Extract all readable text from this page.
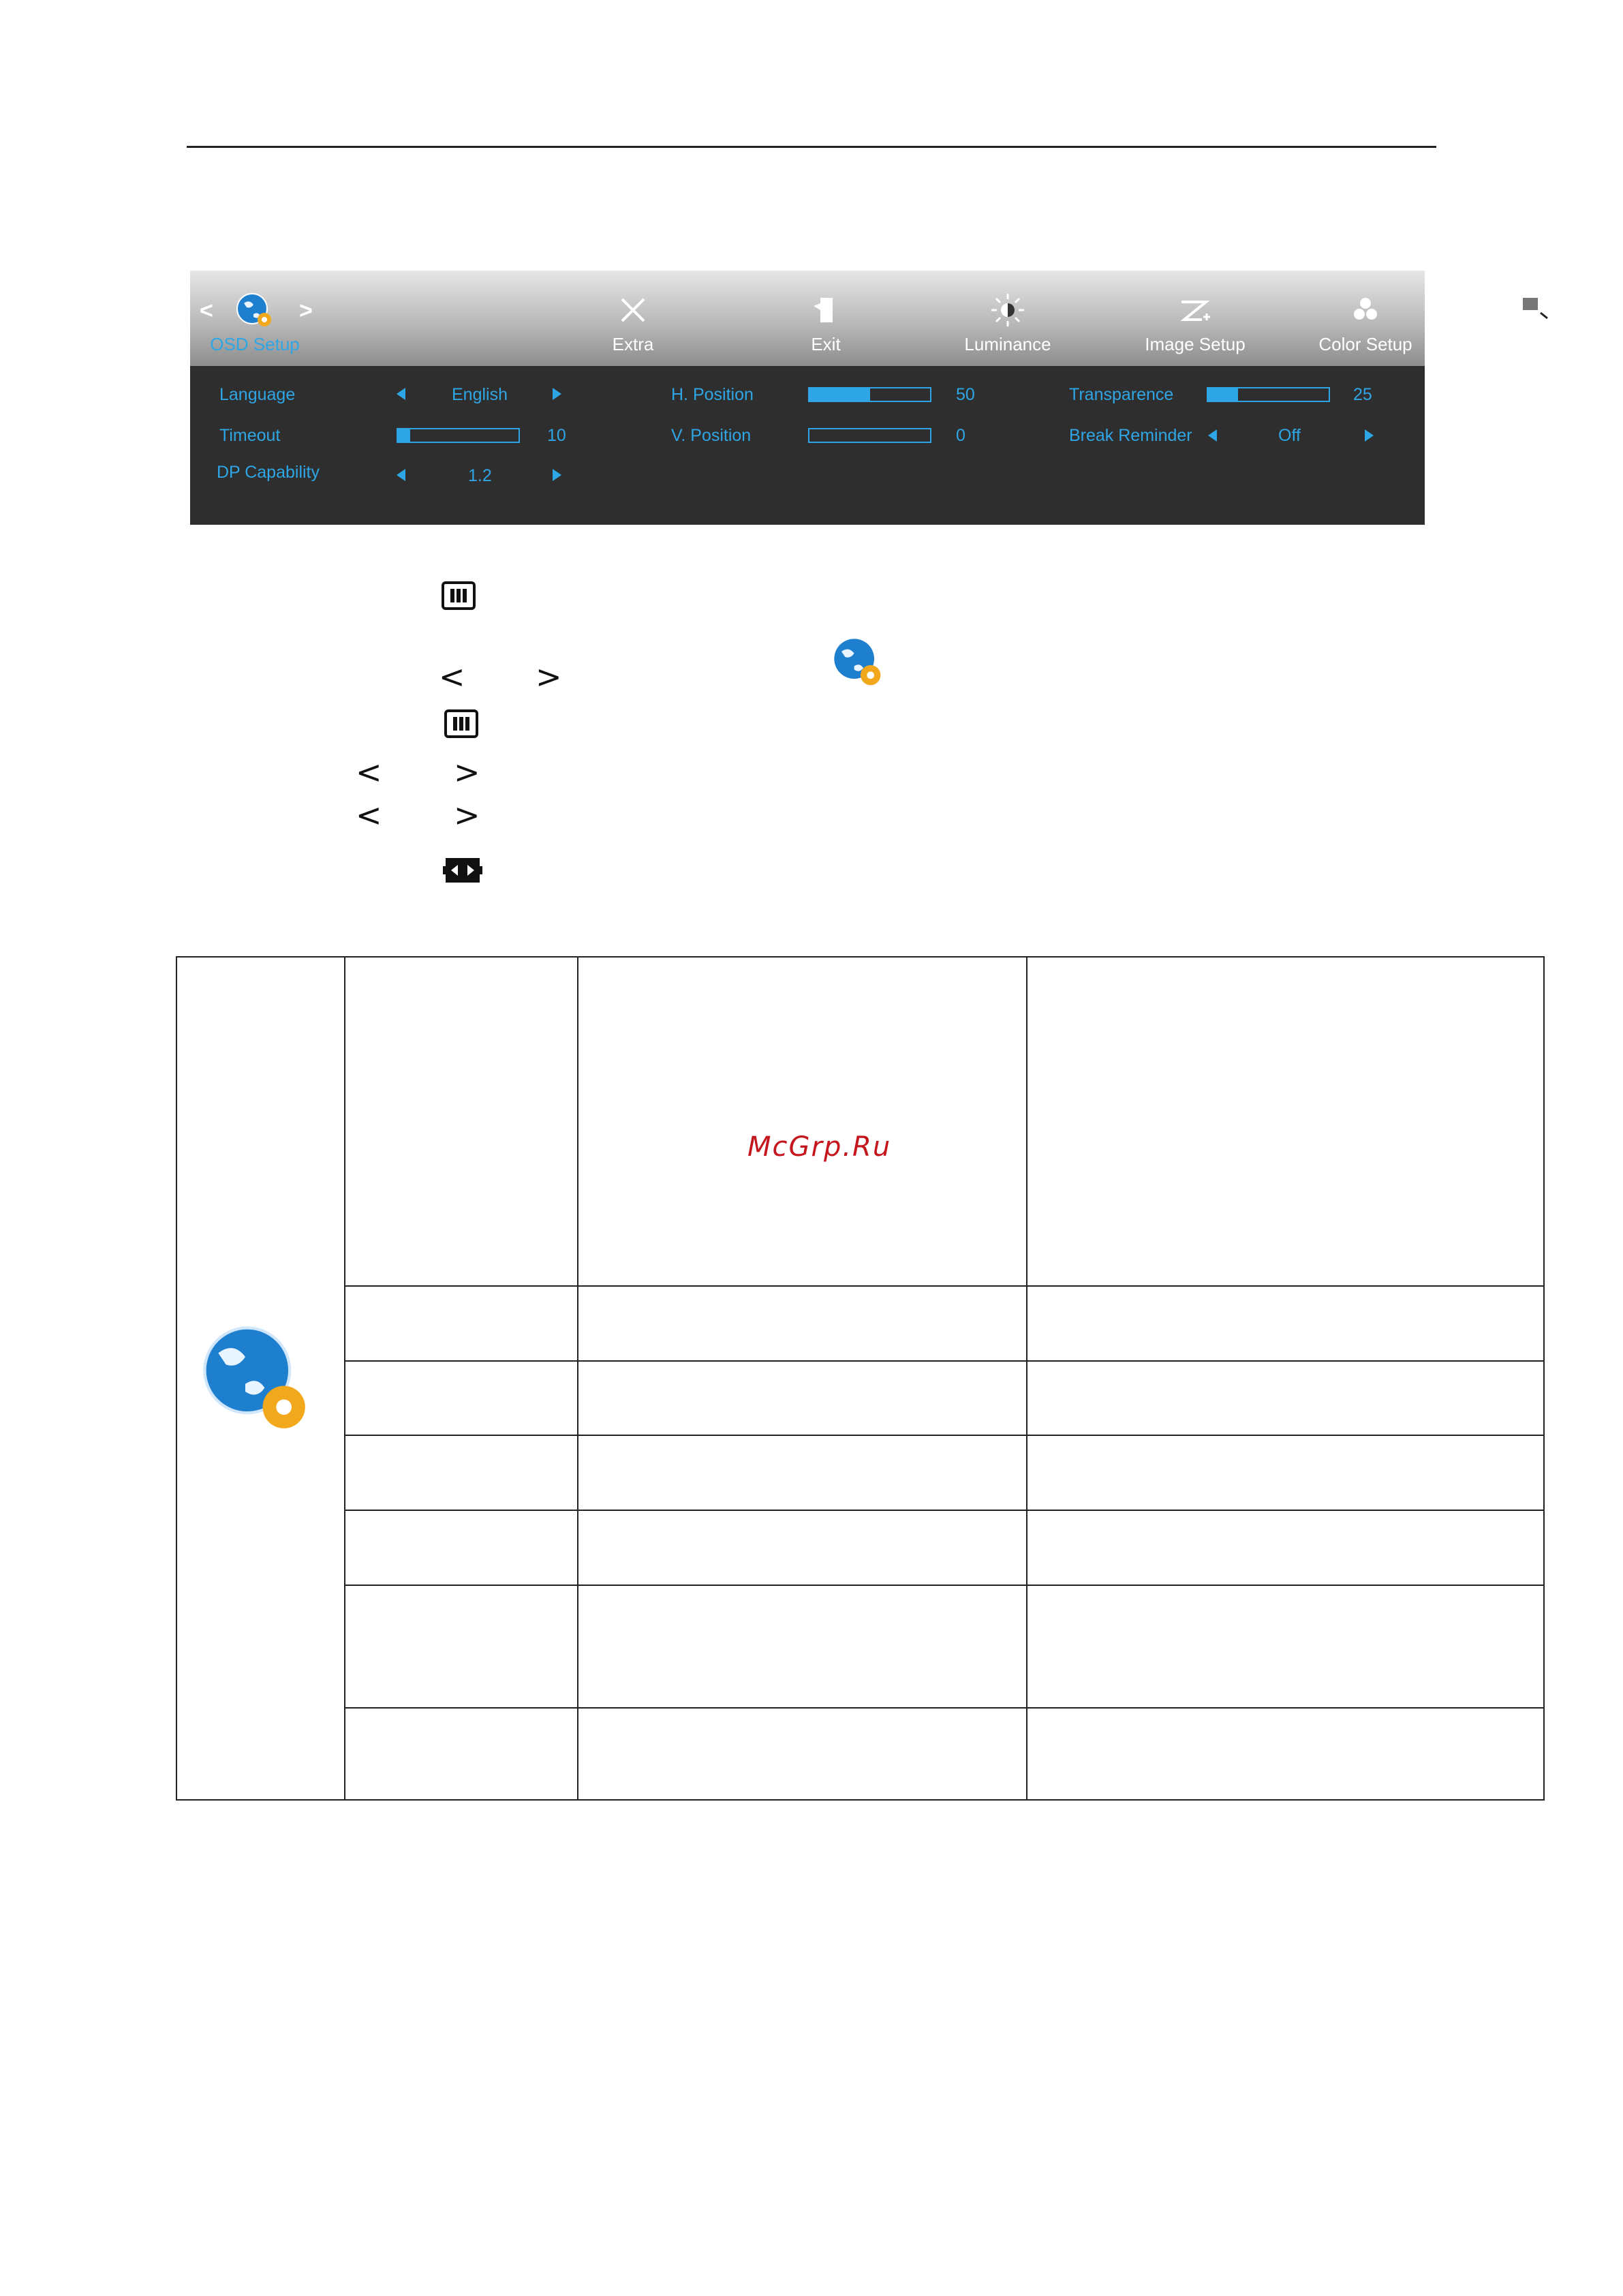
<	>
OSD Setup	Extra	Exit	Luminance	Image Setup	Color Setup	Picture Boost
Language	English
Timeout	10
DP Capability	1.2
H. Position	50
V. Position	0
Transparence	25
Break Reminder	Off
< >
< >
< >
McGrp.Ru
